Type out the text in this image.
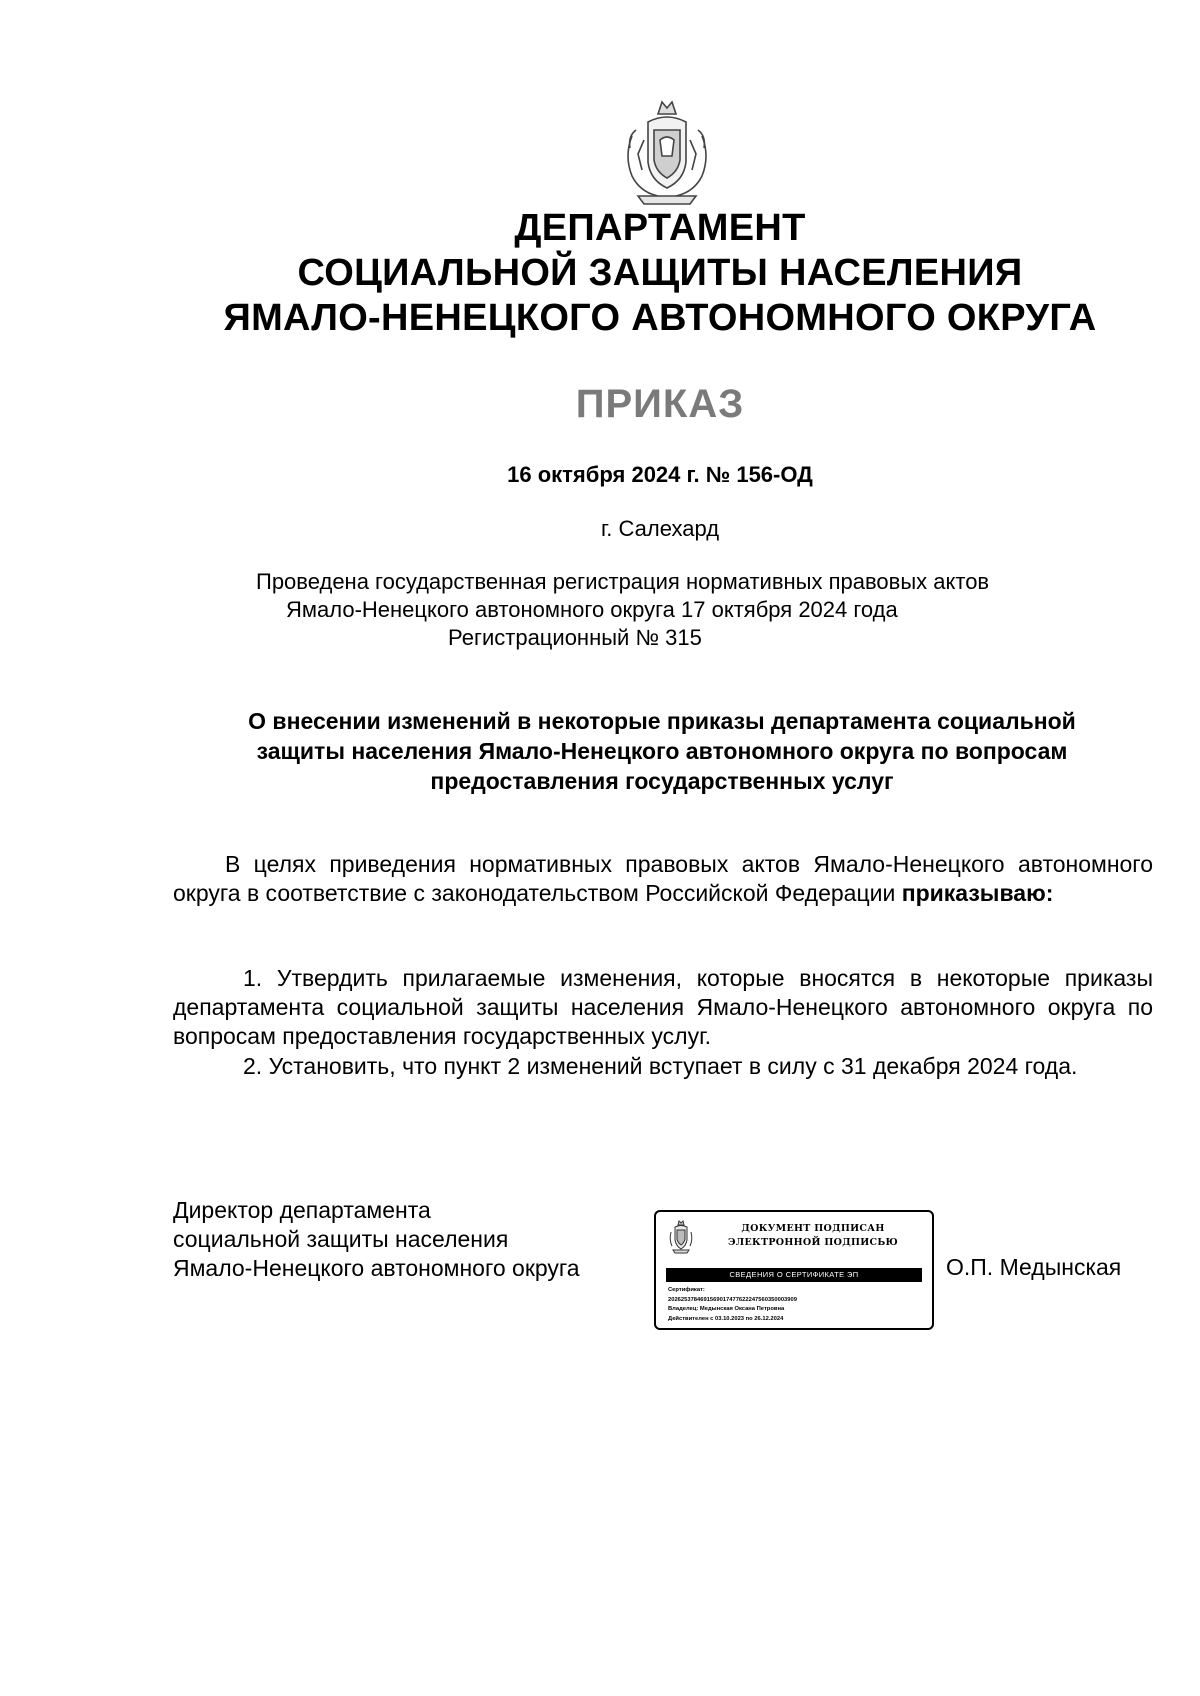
ДЕПАРТАМЕНТ
СОЦИАЛЬНОЙ ЗАЩИТЫ НАСЕЛЕНИЯ
ЯМАЛО-НЕНЕЦКОГО АВТОНОМНОГО ОКРУГА
ПРИКАЗ
16 октября 2024 г. № 156-ОД
г. Салехард
Проведена государственная регистрация нормативных правовых актов
Ямало-Ненецкого автономного округа 17 октября 2024 года
Регистрационный № 315
О внесении изменений в некоторые приказы департамента социальной
защиты населения Ямало-Ненецкого автономного округа по вопросам
предоставления государственных услуг
В целях приведения нормативных правовых актов Ямало-Ненецкого автономного округа в соответствие с законодательством Российской Федерации приказываю:
1. Утвердить прилагаемые изменения, которые вносятся в некоторые приказы департамента социальной защиты населения Ямало-Ненецкого автономного округа по вопросам предоставления государственных услуг.
2. Установить, что пункт 2 изменений вступает в силу с 31 декабря 2024 года.
Директор департамента
социальной защиты населения
Ямало-Ненецкого автономного округа
ДОКУМЕНТ ПОДПИСАН
ЭЛЕКТРОННОЙ ПОДПИСЬЮ
СВЕДЕНИЯ О СЕРТИФИКАТЕ ЭП
Сертификат:
2026253784691569017477622247560350003909
Владелец: Медынская Оксана Петровна
Действителен с 03.10.2023 по 26.12.2024
О.П. Медынская
